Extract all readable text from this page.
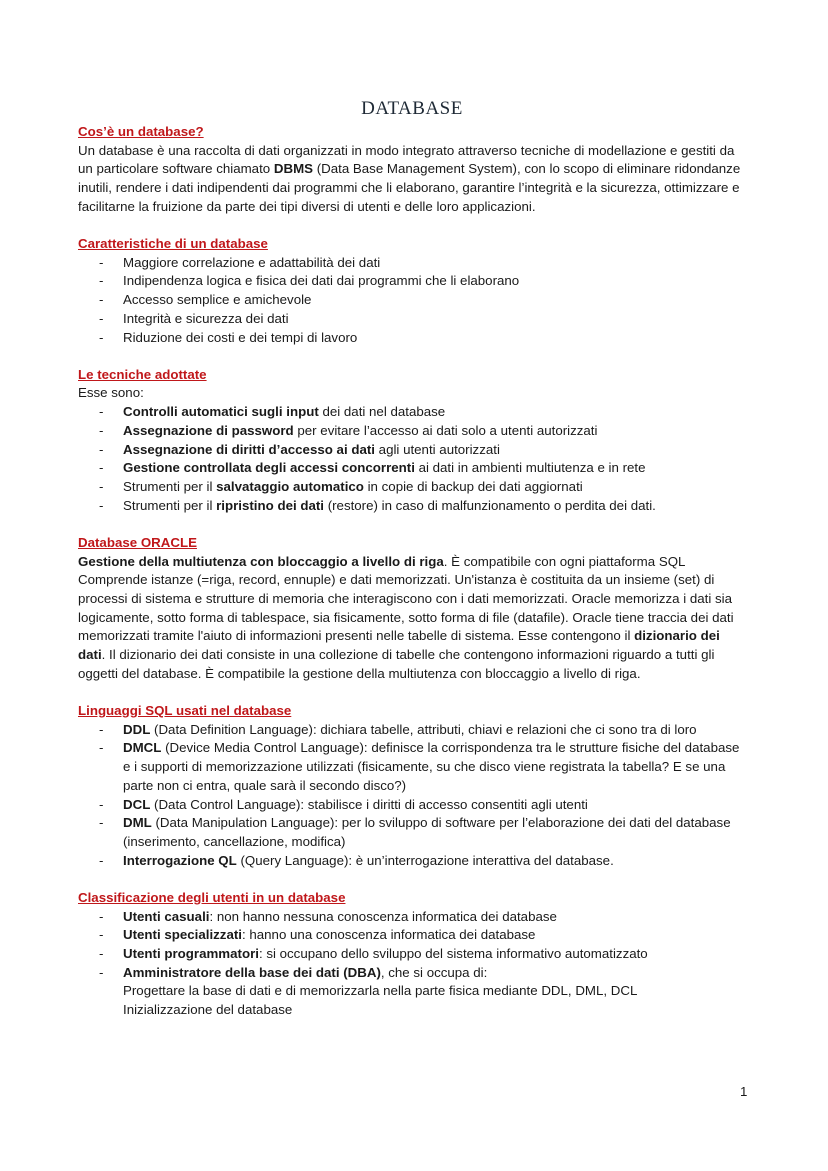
DATABASE
Cos’è un database?

Un database è una raccolta di dati organizzati in modo integrato attraverso tecniche di modellazione e gestiti da un particolare software chiamato DBMS (Data Base Management System), con lo scopo di eliminare ridondanze inutili, rendere i dati indipendenti dai programmi che li elaborano, garantire l’integrità e la sicurezza, ottimizzare e facilitarne la fruizione da parte dei tipi diversi di utenti e delle loro applicazioni.

Caratteristiche di un database
- Maggiore correlazione e adattabilità dei dati
- Indipendenza logica e fisica dei dati dai programmi che li elaborano
- Accesso semplice e amichevole
- Integrità e sicurezza dei dati
- Riduzione dei costi e dei tempi di lavoro
Le tecniche adottate

Esse sono:

- Controlli automatici sugli input dei dati nel database
- Assegnazione di password per evitare l’accesso ai dati solo a utenti autorizzati
- Assegnazione di diritti d’accesso ai dati agli utenti autorizzati
- Gestione controllata degli accessi concorrenti ai dati in ambienti multiutenza e in rete
- Strumenti per il salvataggio automatico in copie di backup dei dati aggiornati
- Strumenti per il ripristino dei dati (restore) in caso di malfunzionamento o perdita dei dati.
Database ORACLE

Gestione della multiutenza con bloccaggio a livello di riga. È compatibile con ogni piattaforma SQL Comprende istanze (=riga, record, ennuple) e dati memorizzati. Un'istanza è costituita da un insieme (set) di processi di sistema e strutture di memoria che interagiscono con i dati memorizzati. Oracle memorizza i dati sia logicamente, sotto forma di tablespace, sia fisicamente, sotto forma di file (datafile). Oracle tiene traccia dei dati memorizzati tramite l'aiuto di informazioni presenti nelle tabelle di sistema. Esse contengono il dizionario dei dati. Il dizionario dei dati consiste in una collezione di tabelle che contengono informazioni riguardo a tutti gli oggetti del database. È compatibile la gestione della multiutenza con bloccaggio a livello di riga.

Linguaggi SQL usati nel database
- DDL (Data Definition Language): dichiara tabelle, attributi, chiavi e relazioni che ci sono tra di loro
- DMCL (Device Media Control Language): definisce la corrispondenza tra le strutture fisiche del database e i supporti di memorizzazione utilizzati (fisicamente, su che disco viene registrata la tabella? E se una parte non ci entra, quale sarà il secondo disco?)
- DCL (Data Control Language): stabilisce i diritti di accesso consentiti agli utenti
- DML (Data Manipulation Language): per lo sviluppo di software per l’elaborazione dei dati del database (inserimento, cancellazione, modifica)
- Interrogazione QL (Query Language): è un’interrogazione interattiva del database.
Classificazione degli utenti in un database
- Utenti casuali: non hanno nessuna conoscenza informatica dei database
- Utenti specializzati: hanno una conoscenza informatica dei database
- Utenti programmatori: si occupano dello sviluppo del sistema informativo automatizzato
- Amministratore della base dei dati (DBA), che si occupa di:
Progettare la base di dati e di memorizzarla nella parte fisica mediante DDL, DML, DCL
Inizializzazione del database
1
